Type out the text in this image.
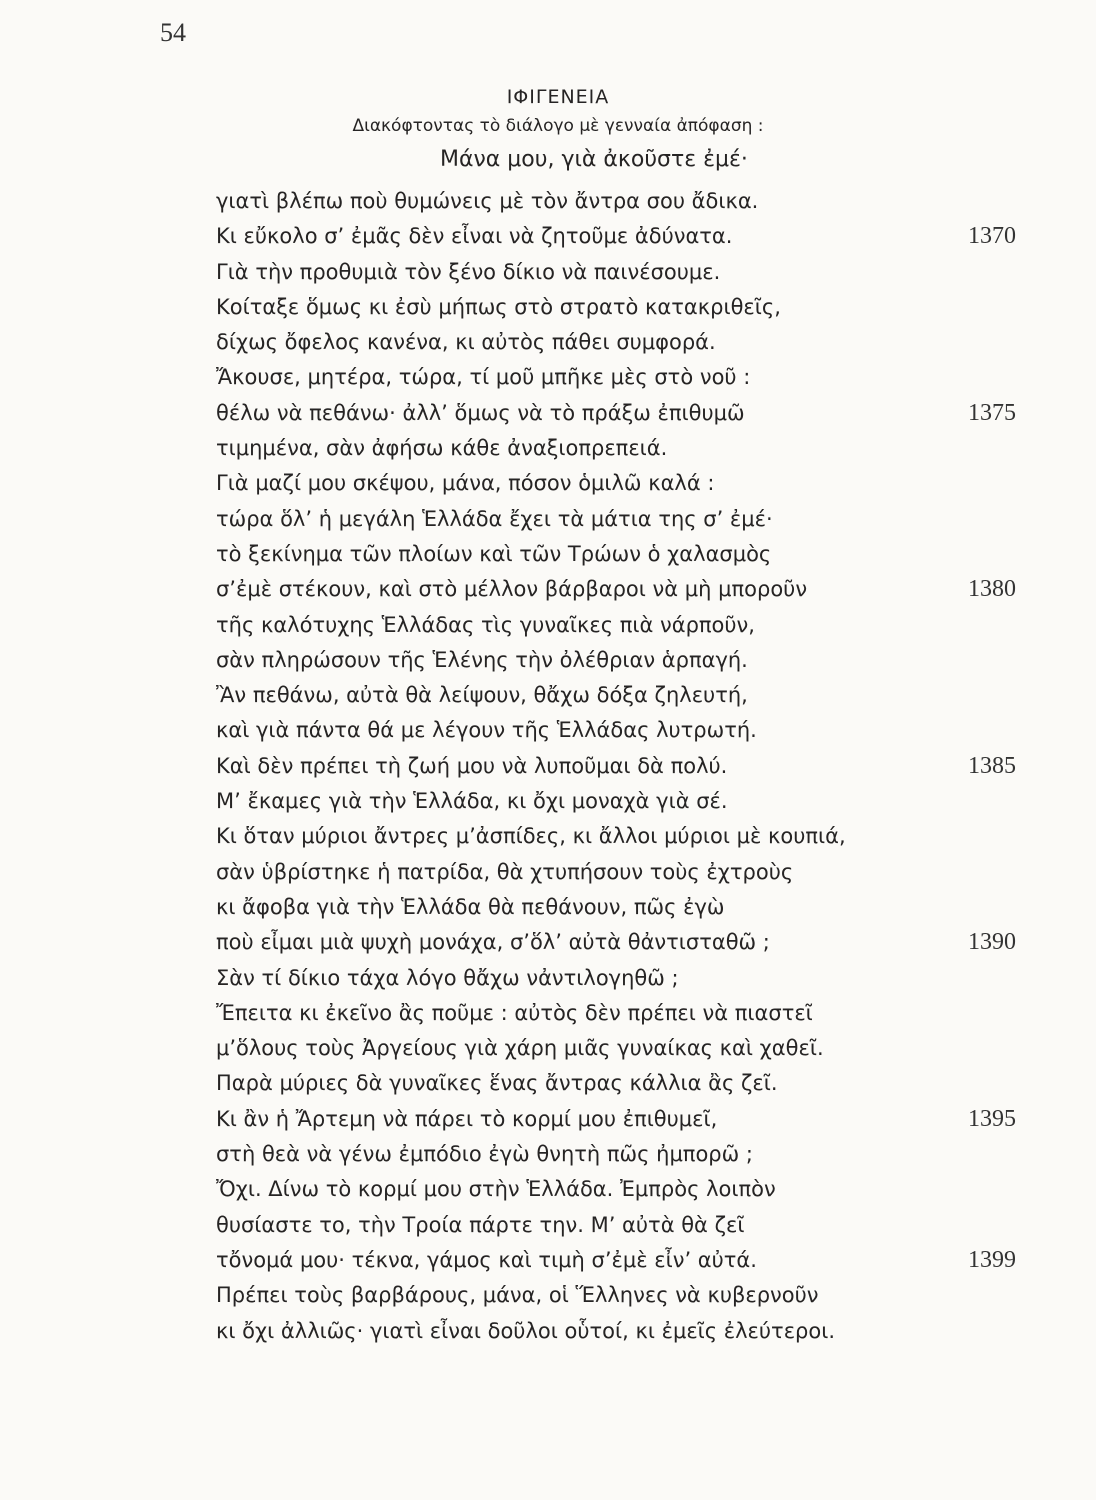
54
ΙΦΙΓΕΝΕΙΑ
Διακόφτοντας τὸ διάλογο μὲ γενναία ἀπόφαση :
Μάνα μου, γιὰ ἀκοῦστε ἐμέ·
γιατὶ βλέπω ποὺ θυμώνεις μὲ τὸν ἄντρα σου ἄδικα.
Κι εὔκολο σ’ ἐμᾶς δὲν εἶναι νὰ ζητοῦμε ἀδύνατα.	1370
Γιὰ τὴν προθυμιὰ τὸν ξένο δίκιο νὰ παινέσουμε.
Κοίταξε ὅμως κι ἐσὺ μήπως στὸ στρατὸ κατακριθεῖς,
δίχως ὄφελος κανένα, κι αὐτὸς πάθει συμφορά.
Ἄκουσε, μητέρα, τώρα, τί μοῦ μπῆκε μὲς στὸ νοῦ :
θέλω νὰ πεθάνω· ἀλλ’ ὅμως νὰ τὸ πράξω ἐπιθυμῶ	1375
τιμημένα, σὰν ἀφήσω κάθε ἀναξιοπρεπειά.
Γιὰ μαζί μου σκέψου, μάνα, πόσον ὁμιλῶ καλά :
τώρα ὅλ’ ἡ μεγάλη Ἑλλάδα ἔχει τὰ μάτια της σ’ ἐμέ·
τὸ ξεκίνημα τῶν πλοίων καὶ τῶν Τρώων ὁ χαλασμὸς
σ’ἐμὲ στέκουν, καὶ στὸ μέλλον βάρβαροι νὰ μὴ μποροῦν	1380
τῆς καλότυχης Ἑλλάδας τὶς γυναῖκες πιὰ νάρποῦν,
σὰν πληρώσουν τῆς Ἑλένης τὴν ὀλέθριαν ἁρπαγή.
Ἂν πεθάνω, αὐτὰ θὰ λείψουν, θἄχω δόξα ζηλευτή,
καὶ γιὰ πάντα θά με λέγουν τῆς Ἑλλάδας λυτρωτή.
Καὶ δὲν πρέπει τὴ ζωή μου νὰ λυποῦμαι δὰ πολύ.	1385
Μ’ ἔκαμες γιὰ τὴν Ἑλλάδα, κι ὄχι μοναχὰ γιὰ σέ.
Κι ὅταν μύριοι ἄντρες μ’ἀσπίδες, κι ἄλλοι μύριοι μὲ κουπιά,
σὰν ὑβρίστηκε ἡ πατρίδα, θὰ χτυπήσουν τοὺς ἐχτροὺς
κι ἄφοβα γιὰ τὴν Ἑλλάδα θὰ πεθάνουν, πῶς ἐγὼ
ποὺ εἶμαι μιὰ ψυχὴ μονάχα, σ’ὅλ’ αὐτὰ θἀντισταθῶ ;	1390
Σὰν τί δίκιο τάχα λόγο θἄχω νἀντιλογηθῶ ;
Ἔπειτα κι ἐκεῖνο ἂς ποῦμε : αὐτὸς δὲν πρέπει νὰ πιαστεῖ
μ’ὅλους τοὺς Ἀργείους γιὰ χάρη μιᾶς γυναίκας καὶ χαθεῖ.
Παρὰ μύριες δὰ γυναῖκες ἕνας ἄντρας κάλλια ἂς ζεῖ.
Κι ἂν ἡ Ἄρτεμη νὰ πάρει τὸ κορμί μου ἐπιθυμεῖ,	1395
στὴ θεὰ νὰ γένω ἐμπόδιο ἐγὼ θνητὴ πῶς ἠμπορῶ ;
Ὄχι. Δίνω τὸ κορμί μου στὴν Ἑλλάδα. Ἐμπρὸς λοιπὸν
θυσίαστε το, τὴν Τροία πάρτε την. Μ’ αὐτὰ θὰ ζεῖ
τὄνομά μου· τέκνα, γάμος καὶ τιμὴ σ’ἐμὲ εἶν’ αὐτά.	1399
Πρέπει τοὺς βαρβάρους, μάνα, οἱ Ἕλληνες νὰ κυβερνοῦν
κι ὄχι ἀλλιῶς· γιατὶ εἶναι δοῦλοι οὗτοί, κι ἐμεῖς ἐλεύτεροι.
